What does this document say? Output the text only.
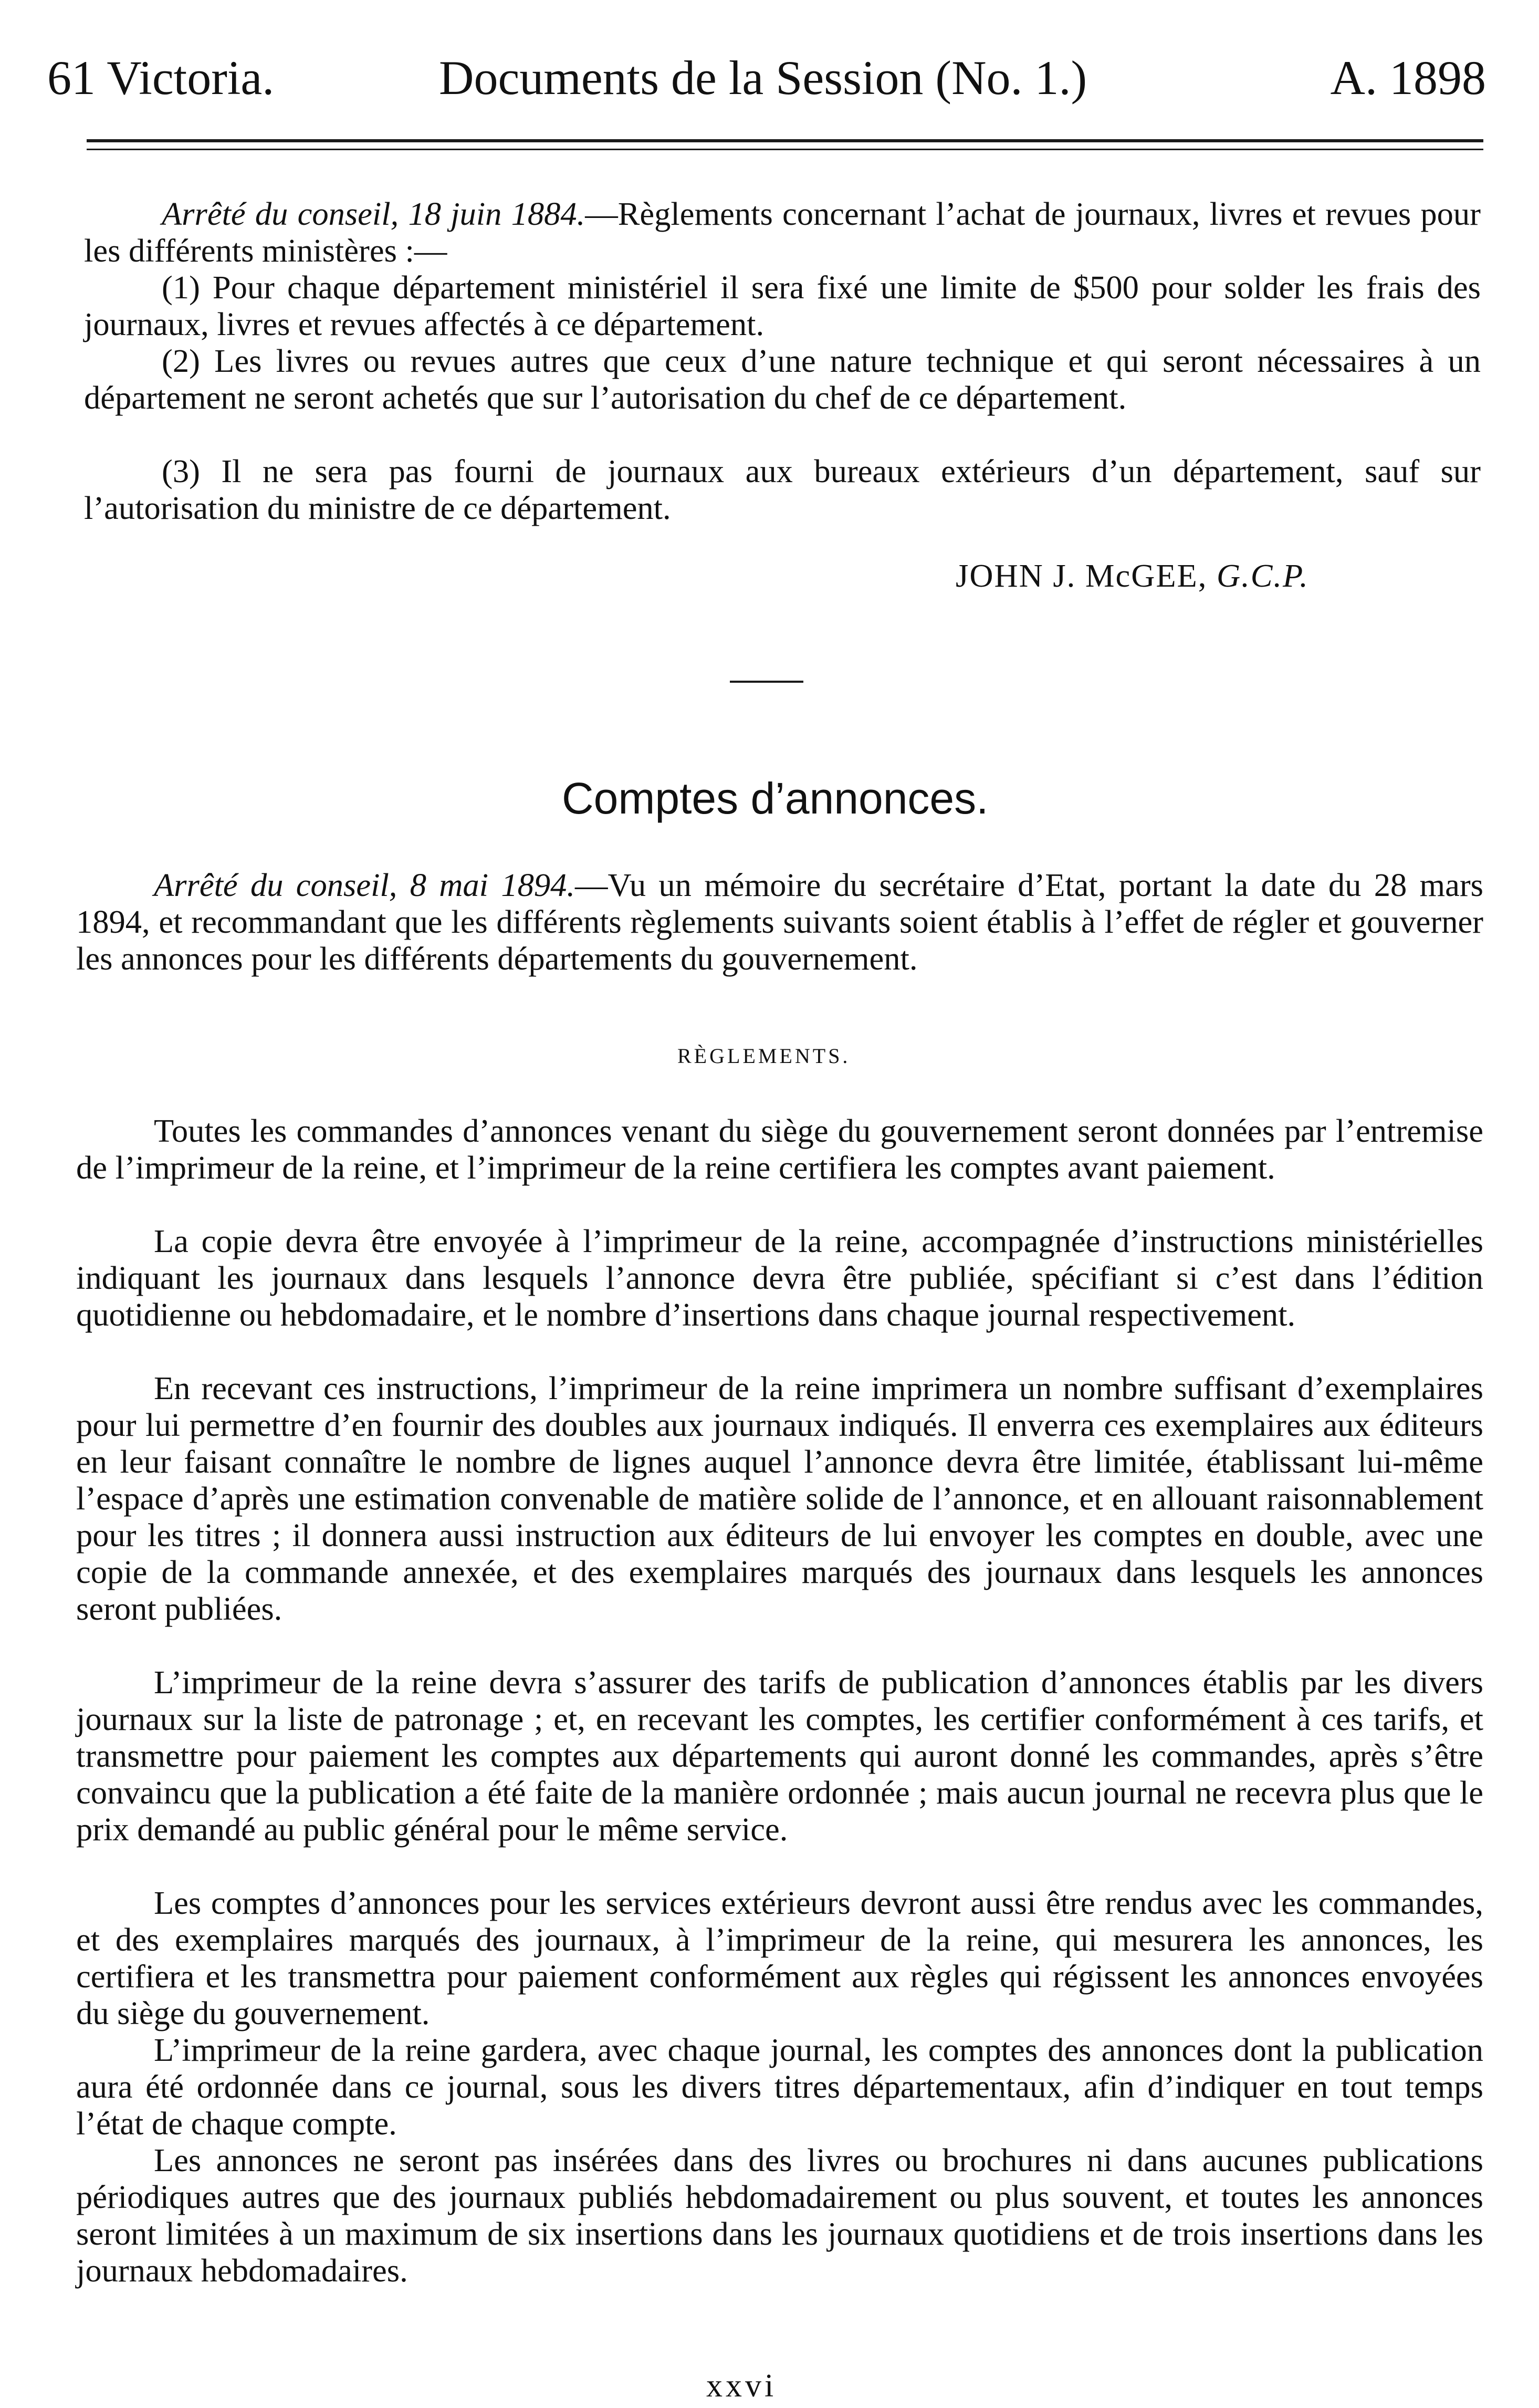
61 Victoria.	Documents de la Session (No. 1.)	A. 1898

Arrêté du conseil, 18 juin 1884.—Règlements concernant l’achat de journaux, livres et revues pour les différents ministères :—

(1) Pour chaque département ministériel il sera fixé une limite de $500 pour solder les frais des journaux, livres et revues affectés à ce département.

(2) Les livres ou revues autres que ceux d’une nature technique et qui seront nécessaires à un département ne seront achetés que sur l’autorisation du chef de ce département.

(3) Il ne sera pas fourni de journaux aux bureaux extérieurs d’un département, sauf sur l’autorisation du ministre de ce département.

JOHN J. McGEE, G.C.P.
Comptes d’annonces.

Arrêté du conseil, 8 mai 1894.—Vu un mémoire du secrétaire d’Etat, portant la date du 28 mars 1894, et recommandant que les différents règlements suivants soient établis à l’effet de régler et gouverner les annonces pour les différents départements du gouvernement.

RÈGLEMENTS.

Toutes les commandes d’annonces venant du siège du gouvernement seront données par l’entremise de l’imprimeur de la reine, et l’imprimeur de la reine certifiera les comptes avant paiement.

La copie devra être envoyée à l’imprimeur de la reine, accompagnée d’instructions ministérielles indiquant les journaux dans lesquels l’annonce devra être publiée, spécifiant si c’est dans l’édition quotidienne ou hebdomadaire, et le nombre d’insertions dans chaque journal respectivement.

En recevant ces instructions, l’imprimeur de la reine imprimera un nombre suffisant d’exemplaires pour lui permettre d’en fournir des doubles aux journaux indiqués. Il enverra ces exemplaires aux éditeurs en leur faisant connaître le nombre de lignes auquel l’annonce devra être limitée, établissant lui-même l’espace d’après une estimation convenable de matière solide de l’annonce, et en allouant raisonnablement pour les titres ; il donnera aussi instruction aux éditeurs de lui envoyer les comptes en double, avec une copie de la commande annexée, et des exemplaires marqués des journaux dans lesquels les annonces seront publiées.

L’imprimeur de la reine devra s’assurer des tarifs de publication d’annonces établis par les divers journaux sur la liste de patronage ; et, en recevant les comptes, les certifier conformément à ces tarifs, et transmettre pour paiement les comptes aux départements qui auront donné les commandes, après s’être convaincu que la publication a été faite de la manière ordonnée ; mais aucun journal ne recevra plus que le prix demandé au public général pour le même service.

Les comptes d’annonces pour les services extérieurs devront aussi être rendus avec les commandes, et des exemplaires marqués des journaux, à l’imprimeur de la reine, qui mesurera les annonces, les certifiera et les transmettra pour paiement conformément aux règles qui régissent les annonces envoyées du siège du gouvernement.

L’imprimeur de la reine gardera, avec chaque journal, les comptes des annonces dont la publication aura été ordonnée dans ce journal, sous les divers titres départementaux, afin d’indiquer en tout temps l’état de chaque compte.

Les annonces ne seront pas insérées dans des livres ou brochures ni dans aucunes publications périodiques autres que des journaux publiés hebdomadairement ou plus souvent, et toutes les annonces seront limitées à un maximum de six insertions dans les journaux quotidiens et de trois insertions dans les journaux hebdomadaires.

xxvi
